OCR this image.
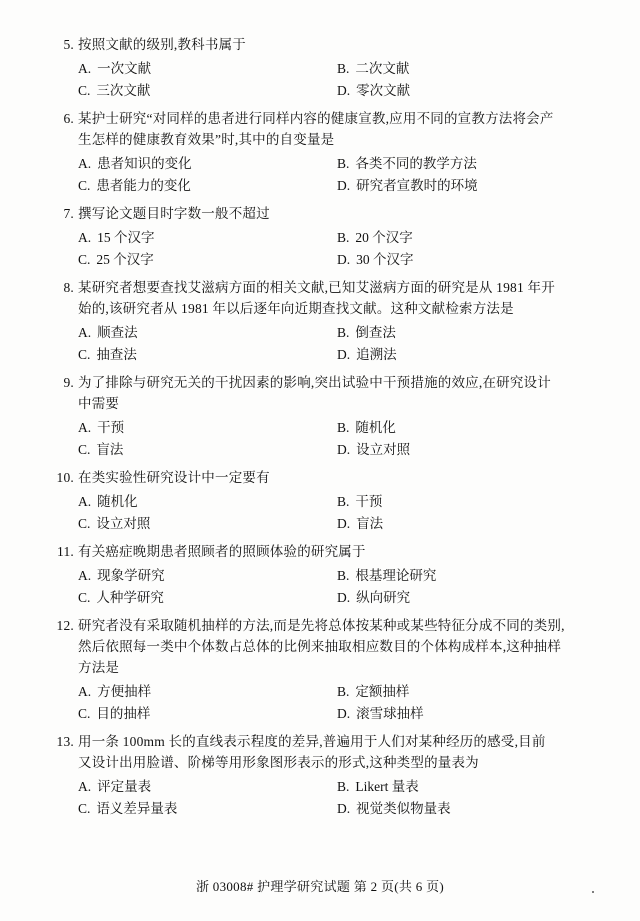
5. 按照文献的级别,教科书属于
A. 一次文献	B. 二次文献
C. 三次文献	D. 零次文献
6. 某护士研究“对同样的患者进行同样内容的健康宣教,应用不同的宣教方法将会产
生怎样的健康教育效果”时,其中的自变量是
A. 患者知识的变化	B. 各类不同的教学方法
C. 患者能力的变化	D. 研究者宣教时的环境
7. 撰写论文题目时字数一般不超过
A. 15 个汉字	B. 20 个汉字
C. 25 个汉字	D. 30 个汉字
8. 某研究者想要查找艾滋病方面的相关文献,已知艾滋病方面的研究是从 1981 年开
始的,该研究者从 1981 年以后逐年向近期查找文献。这种文献检索方法是
A. 顺查法	B. 倒查法
C. 抽查法	D. 追溯法
9. 为了排除与研究无关的干扰因素的影响,突出试验中干预措施的效应,在研究设计
中需要
A. 干预	B. 随机化
C. 盲法	D. 设立对照
10. 在类实验性研究设计中一定要有
A. 随机化	B. 干预
C. 设立对照	D. 盲法
11. 有关癌症晚期患者照顾者的照顾体验的研究属于
A. 现象学研究	B. 根基理论研究
C. 人种学研究	D. 纵向研究
12. 研究者没有采取随机抽样的方法,而是先将总体按某种或某些特征分成不同的类别,
然后依照每一类中个体数占总体的比例来抽取相应数目的个体构成样本,这种抽样
方法是
A. 方便抽样	B. 定额抽样
C. 目的抽样	D. 滚雪球抽样
13. 用一条 100mm 长的直线表示程度的差异,普遍用于人们对某种经历的感受,目前
又设计出用脸谱、阶梯等用形象图形表示的形式,这种类型的量表为
A. 评定量表	B. Likert 量表
C. 语义差异量表	D. 视觉类似物量表
浙 03008# 护理学研究试题 第 2 页(共 6 页)
